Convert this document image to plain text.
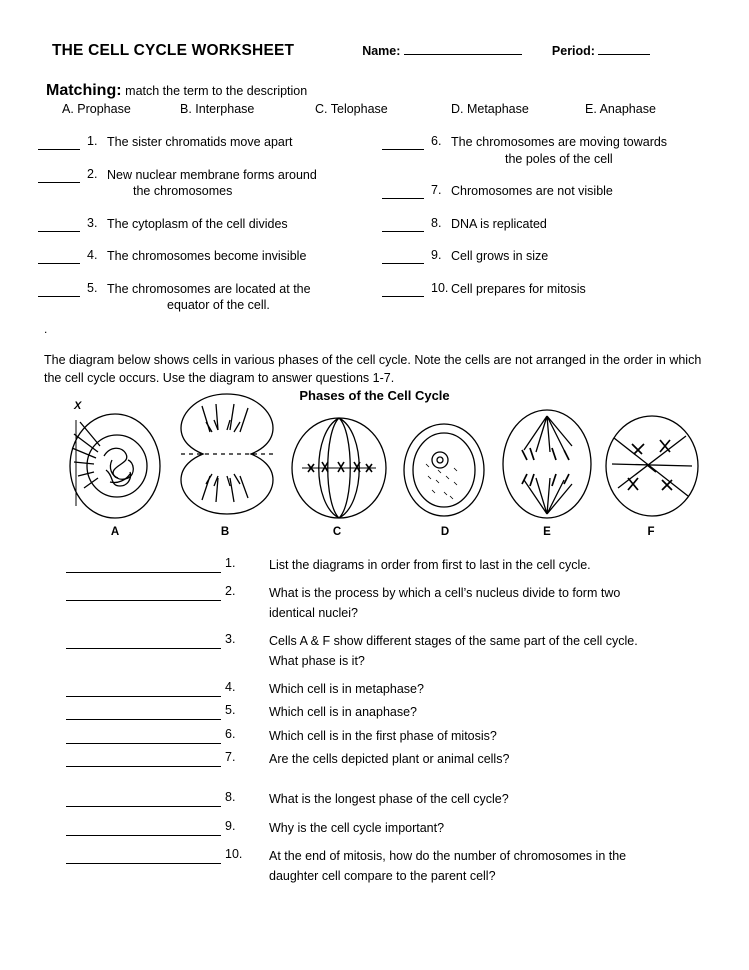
THE CELL CYCLE WORKSHEET	Name:	Period:
Matching: match the term to the description
A. Prophase	B. Interphase	C. Telophase	D. Metaphase	E. Anaphase
1. The sister chromatids move apart
2. New nuclear membrane forms around
the chromosomes
3. The cytoplasm of the cell divides
4. The chromosomes become invisible
5. The chromosomes are located at the
equator of the cell.
6. The chromosomes are moving towards
the poles of the cell
7. Chromosomes are not visible
8. DNA is replicated
9. Cell grows in size
10. Cell prepares for mitosis
.
The diagram below shows cells in various phases of the cell cycle. Note the cells are not arranged in the order in which the cell cycle occurs. Use the diagram to answer questions 1-7.
Phases of the Cell Cycle
X
A	B	C	D	E	F
1.	List the diagrams in order from first to last in the cell cycle.
2.	What is the process by which a cell’s nucleus divide to form two
identical nuclei?
3.	Cells A & F show different stages of the same part of the cell cycle.
What phase is it?
4.	Which cell is in metaphase?
5.	Which cell is in anaphase?
6.	Which cell is in the first phase of mitosis?
7.	Are the cells depicted plant or animal cells?
8.	What is the longest phase of the cell cycle?
9.	Why is the cell cycle important?
10.	At the end of mitosis, how do the number of chromosomes in the
daughter cell compare to the parent cell?
